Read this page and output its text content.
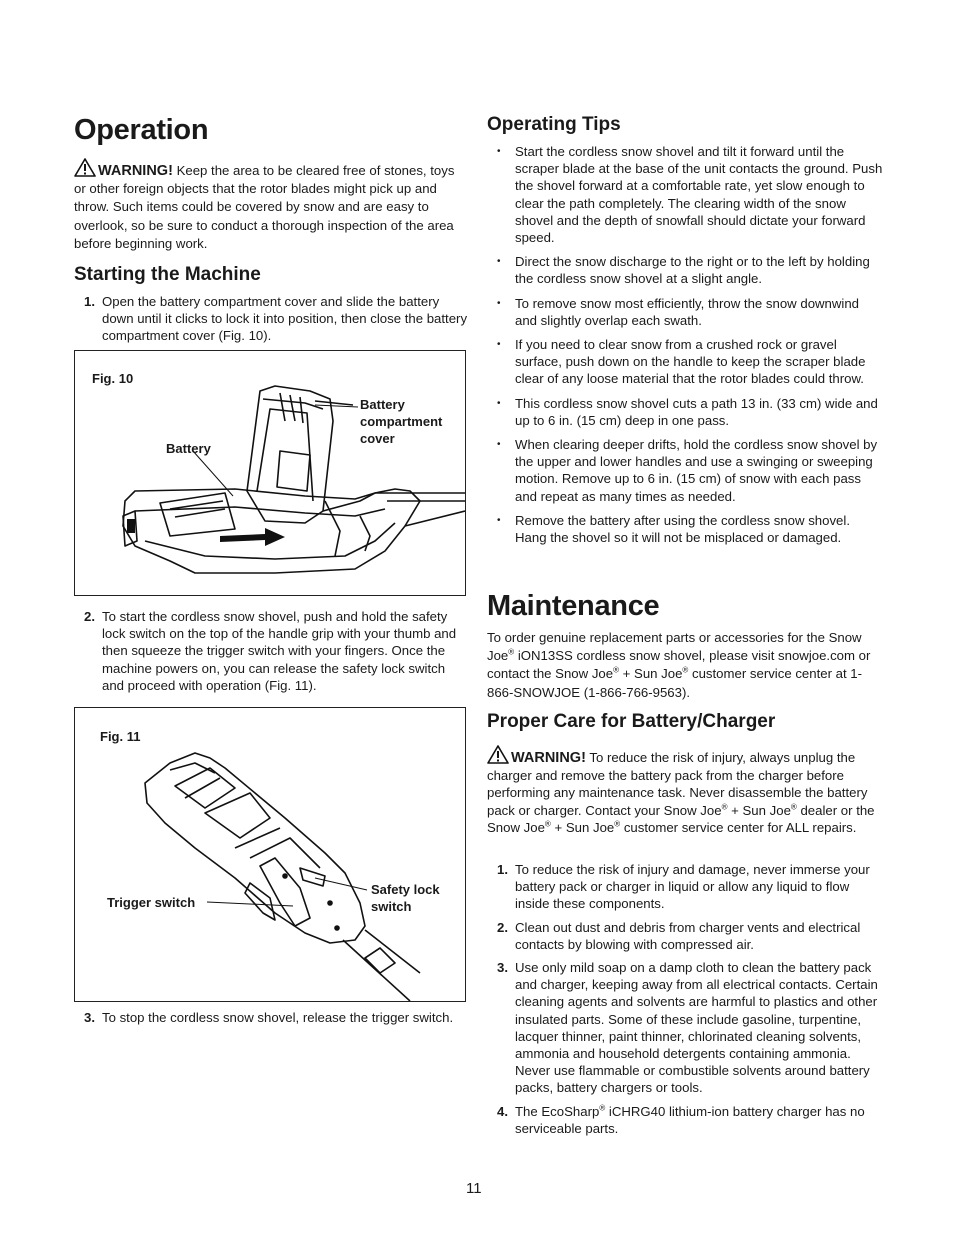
Operation

WARNING! Keep the area to be cleared free of stones, toys or other foreign objects that the rotor blades might pick up and throw. Such items could be covered by snow and are easy to overlook, so be sure to conduct a thorough inspection of the area before beginning work.

Starting the Machine
1. Open the battery compartment cover and slide the battery down until it clicks to lock it into position, then close the battery compartment cover (Fig. 10).
Fig. 10
Battery
Battery compartment cover
2. To start the cordless snow shovel, push and hold the safety lock switch on the top of the handle grip with your thumb and then squeeze the trigger switch with your fingers. Once the machine powers on, you can release the safety lock switch and proceed with operation (Fig. 11).
Fig. 11
Trigger switch
Safety lock switch
3. To stop the cordless snow shovel, release the trigger switch.
Operating Tips
• Start the cordless snow shovel and tilt it forward until the scraper blade at the base of the unit contacts the ground. Push the shovel forward at a comfortable rate, yet slow enough to clear the path completely. The clearing width of the snow shovel and the depth of snowfall should dictate your forward speed.
• Direct the snow discharge to the right or to the left by holding the cordless snow shovel at a slight angle.
• To remove snow most efficiently, throw the snow downwind and slightly overlap each swath.
• If you need to clear snow from a crushed rock or gravel surface, push down on the handle to keep the scraper blade clear of any loose material that the rotor blades could throw.
• This cordless snow shovel cuts a path 13 in. (33 cm) wide and up to 6 in. (15 cm) deep in one pass.
• When clearing deeper drifts, hold the cordless snow shovel by the upper and lower handles and use a swinging or sweeping motion. Remove up to 6 in. (15 cm) of snow with each pass and repeat as many times as needed.
• Remove the battery after using the cordless snow shovel. Hang the shovel so it will not be misplaced or damaged.
Maintenance

To order genuine replacement parts or accessories for the Snow Joe® iON13SS cordless snow shovel, please visit snowjoe.com or contact the Snow Joe® + Sun Joe® customer service center at 1-866-SNOWJOE (1-866-766-9563).

Proper Care for Battery/Charger

WARNING! To reduce the risk of injury, always unplug the charger and remove the battery pack from the charger before performing any maintenance task. Never disassemble the battery pack or charger. Contact your Snow Joe® + Sun Joe® dealer or the Snow Joe® + Sun Joe® customer service center for ALL repairs.

1. To reduce the risk of injury and damage, never immerse your battery pack or charger in liquid or allow any liquid to flow inside these components.
2. Clean out dust and debris from charger vents and electrical contacts by blowing with compressed air.
3. Use only mild soap on a damp cloth to clean the battery pack and charger, keeping away from all electrical contacts. Certain cleaning agents and solvents are harmful to plastics and other insulated parts. Some of these include gasoline, turpentine, lacquer thinner, paint thinner, chlorinated cleaning solvents, ammonia and household detergents containing ammonia. Never use flammable or combustible solvents around battery packs, battery chargers or tools.
4. The EcoSharp® iCHRG40 lithium-ion battery charger has no serviceable parts.
11
